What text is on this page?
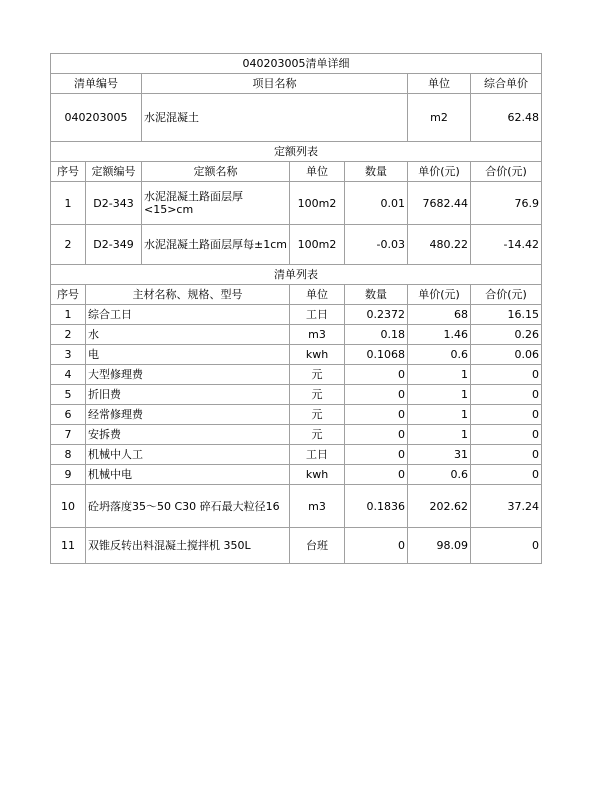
040203005清单详细						
清单编号		项目名称			单位	综合单价
040203005		水泥混凝土			m2	62.48
定额列表						
序号	定额编号	定额名称	单位	数量	单价(元)	合价(元)
1	D2-343	水泥混凝土路面层厚<15>cm	100m2	0.01	7682.44	76.9
2	D2-349	水泥混凝土路面层厚每±1cm	100m2	-0.03	480.22	-14.42
清单列表						
序号	主材名称、规格、型号		单位	数量	单价(元)	合价(元)
1	综合工日		工日	0.2372	68	16.15
2	水		m3	0.18	1.46	0.26
3	电		kwh	0.1068	0.6	0.06
4	大型修理费		元	0	1	0
5	折旧费		元	0	1	0
6	经常修理费		元	0	1	0
7	安拆费		元	0	1	0
8	机械中人工		工日	0	31	0
9	机械中电		kwh	0	0.6	0
10	砼坍落度35～50 C30 碎石最大粒径16		m3	0.1836	202.62	37.24
11	双锥反转出料混凝土搅拌机 350L		台班	0	98.09	0
